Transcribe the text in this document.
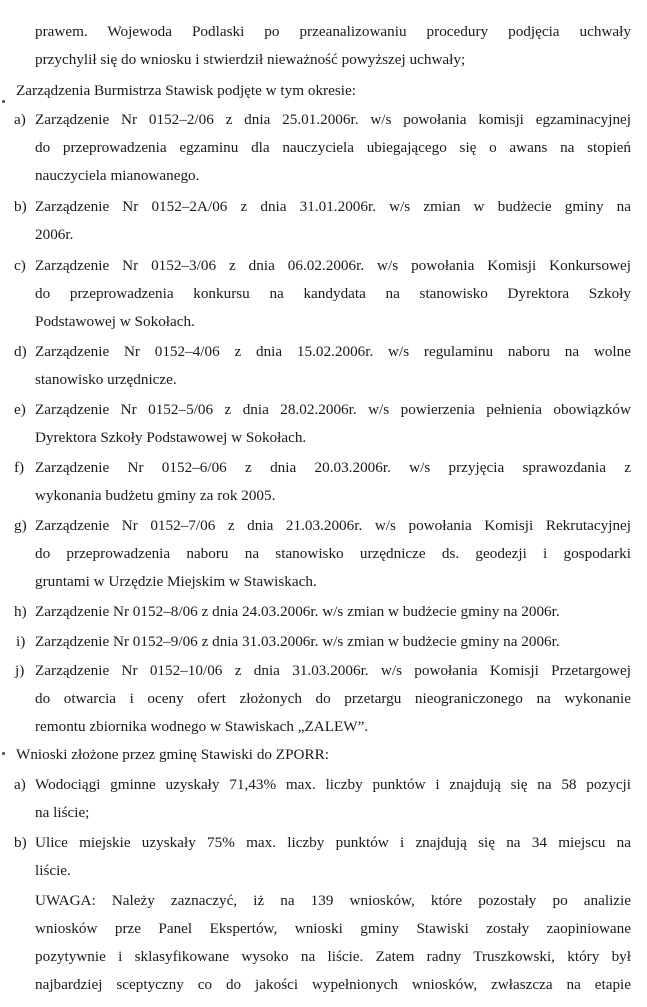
prawem. Wojewoda Podlaski po przeanalizowaniu procedury podjęcia uchwały
przychylił się do wniosku i stwierdził nieważność powyższej uchwały;
Zarządzenia Burmistrza Stawisk podjęte w tym okresie:
a) Zarządzenie Nr 0152–2/06 z dnia 25.01.2006r. w/s powołania komisji egzaminacyjnej
do przeprowadzenia egzaminu dla nauczyciela ubiegającego się o awans na stopień
nauczyciela mianowanego.
b) Zarządzenie Nr 0152–2A/06 z dnia 31.01.2006r. w/s zmian w budżecie gminy na
2006r.
c) Zarządzenie Nr 0152–3/06 z dnia 06.02.2006r. w/s powołania Komisji Konkursowej
do przeprowadzenia konkursu na kandydata na stanowisko Dyrektora Szkoły
Podstawowej w Sokołach.
d) Zarządzenie Nr 0152–4/06 z dnia 15.02.2006r. w/s regulaminu naboru na wolne
stanowisko urzędnicze.
e) Zarządzenie Nr 0152–5/06 z dnia 28.02.2006r. w/s powierzenia pełnienia obowiązków
Dyrektora Szkoły Podstawowej w Sokołach.
f) Zarządzenie Nr 0152–6/06 z dnia 20.03.2006r. w/s przyjęcia sprawozdania z
wykonania budżetu gminy za rok 2005.
g) Zarządzenie Nr 0152–7/06 z dnia 21.03.2006r. w/s powołania Komisji Rekrutacyjnej
do przeprowadzenia naboru na stanowisko urzędnicze ds. geodezji i gospodarki
gruntami w Urzędzie Miejskim w Stawiskach.
h) Zarządzenie Nr 0152–8/06 z dnia 24.03.2006r. w/s zmian w budżecie gminy na 2006r.
i) Zarządzenie Nr 0152–9/06 z dnia 31.03.2006r. w/s zmian w budżecie gminy na 2006r.
j) Zarządzenie Nr 0152–10/06 z dnia 31.03.2006r. w/s powołania Komisji Przetargowej
do otwarcia i oceny ofert złożonych do przetargu nieograniczonego na wykonanie
remontu zbiornika wodnego w Stawiskach „ZALEW”.
Wnioski złożone przez gminę Stawiski do ZPORR:
a) Wodociągi gminne uzyskały 71,43% max. liczby punktów i znajdują się na 58 pozycji
na liście;
b) Ulice miejskie uzyskały 75% max. liczby punktów i znajdują się na 34 miejscu na
liście.
UWAGA: Należy zaznaczyć, iż na 139 wniosków, które pozostały po analizie
wniosków prze Panel Ekspertów, wnioski gminy Stawiski zostały zaopiniowane
pozytywnie i sklasyfikowane wysoko na liście. Zatem radny Truszkowski, który był
najbardziej sceptyczny co do jakości wypełnionych wniosków, zwłaszcza na etapie
